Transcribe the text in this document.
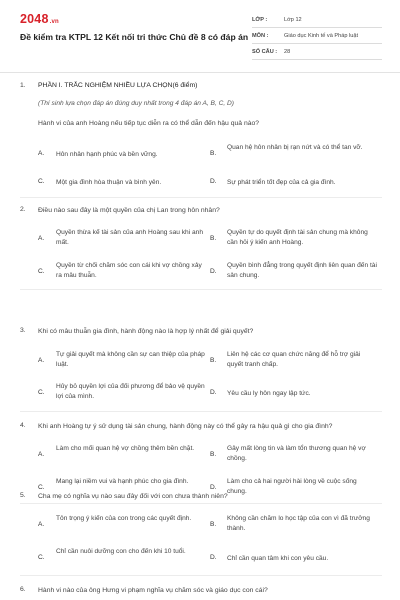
2048.vn
Đề kiểm tra KTPL 12 Kết nối tri thức Chủ đề 8 có đáp án
LỚP :	Lớp 12
MÔN :	Giáo dục Kinh tế và Pháp luật
SỐ CÂU :	28
1. PHẦN I. TRẮC NGHIỆM NHIỀU LỰA CHỌN(6 điểm)
(Thí sinh lựa chọn đáp án đúng duy nhất trong 4 đáp án A, B, C, D)
Hành vi của anh Hoàng nếu tiếp tục diễn ra có thể dẫn đến hậu quả nào?
A. Hôn nhân hạnh phúc và bền vững.	B.
Quan hệ hôn nhân bị rạn nứt và có thể tan vỡ.
C. Một gia đình hòa thuận và bình yên.	D. Sự phát triển tốt đẹp của cả gia đình.
2. Điều nào sau đây là một quyền của chị Lan trong hôn nhân?
A.
Quyền thừa kế tài sản của anh Hoàng sau khi anh mất.	B.
Quyền tự do quyết định tài sản chung mà không cần hỏi ý kiến anh Hoàng.
C.
Quyền từ chối chăm sóc con cái khi vợ chồng xảy ra mâu thuẫn.	D.
Quyền bình đẳng trong quyết định liên quan đến tài sản chung.
3. Khi có mâu thuẫn gia đình, hành động nào là hợp lý nhất để giải quyết?
A.
Tự giải quyết mà không cần sự can thiệp của pháp luật.	B.
Liên hệ các cơ quan chức năng để hỗ trợ giải quyết tranh chấp.
C.
Hủy bỏ quyền lợi của đối phương để bảo vệ quyền lợi của mình.	D. Yêu cầu ly hôn ngay lập tức.
4. Khi anh Hoàng tự ý sử dụng tài sản chung, hành động này có thể gây ra hậu quả gì cho gia đình?
A.
Làm cho mối quan hệ vợ chồng thêm bền chặt.
B.
Gây mất lòng tin và làm tổn thương quan hệ vợ chồng.
C.
Mang lại niềm vui và hạnh phúc cho gia đình.
D.
Làm cho cả hai người hài lòng về cuộc sống chung.
5. Cha mẹ có nghĩa vụ nào sau đây đối với con chưa thành niên?
A.
Tôn trọng ý kiến của con trong các quyết định.
B.
Không cần chăm lo học tập của con vì đã trưởng thành.
C.
Chỉ cần nuôi dưỡng con cho đến khi 10 tuổi.
D. Chỉ cần quan tâm khi con yêu cầu.
6. Hành vi nào của ông Hưng vi phạm nghĩa vụ chăm sóc và giáo dục con cái?
